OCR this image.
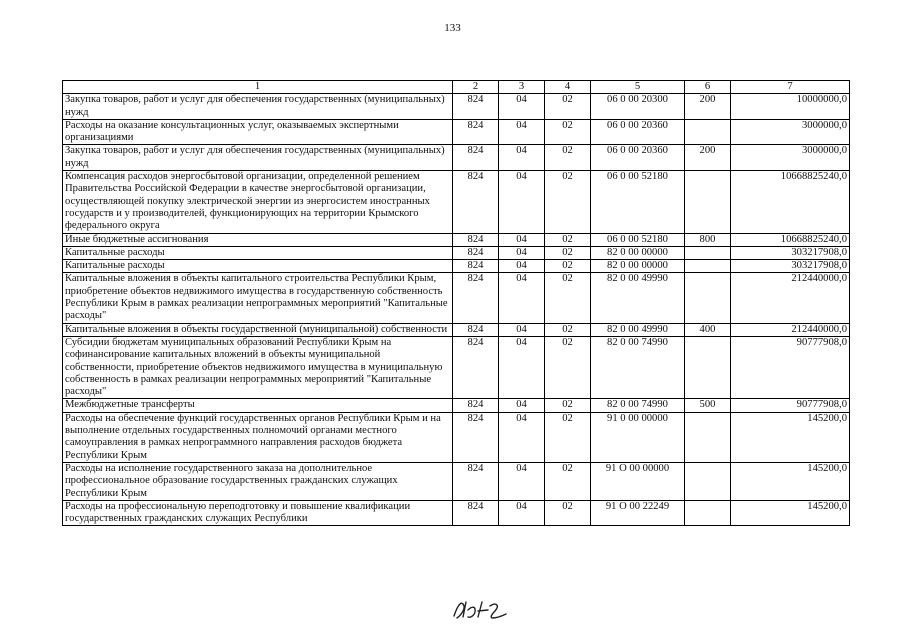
133
1	2	3	4	5	6	7
Закупка товаров, работ и услуг для обеспечения государственных (муниципальных) нужд	824	04	02	06 0 00 20300	200	10000000,0
Расходы на оказание консультационных услуг, оказываемых экспертными организациями	824	04	02	06 0 00 20360		3000000,0
Закупка товаров, работ и услуг для обеспечения государственных (муниципальных) нужд	824	04	02	06 0 00 20360	200	3000000,0
Компенсация расходов энергосбытовой организации, определенной решением Правительства Российской Федерации в качестве энергосбытовой организации, осуществляющей покупку электрической энергии из энергосистем иностранных государств и у производителей, функционирующих на территории Крымского федерального округа	824	04	02	06 0 00 52180		10668825240,0
Иные бюджетные ассигнования	824	04	02	06 0 00 52180	800	10668825240,0
Капитальные расходы	824	04	02	82 0 00 00000		303217908,0
Капитальные расходы	824	04	02	82 0 00 00000		303217908,0
Капитальные вложения в объекты капитального строительства Республики Крым, приобретение объектов недвижимого имущества в государственную собственность Республики Крым в рамках реализации непрограммных мероприятий "Капитальные расходы"	824	04	02	82 0 00 49990		212440000,0
Капитальные вложения в объекты государственной (муниципальной) собственности	824	04	02	82 0 00 49990	400	212440000,0
Субсидии бюджетам муниципальных образований Республики Крым на софинансирование капитальных вложений в объекты муниципальной собственности, приобретение объектов недвижимого имущества в муниципальную собственность в рамках реализации непрограммных мероприятий "Капитальные расходы"	824	04	02	82 0 00 74990		90777908,0
Межбюджетные трансферты	824	04	02	82 0 00 74990	500	90777908,0
Расходы на обеспечение функций государственных органов Республики Крым и на выполнение отдельных государственных полномочий органами местного самоуправления в рамках непрограммного направления расходов бюджета Республики Крым	824	04	02	91 0 00 00000		145200,0
Расходы на исполнение государственного заказа на дополнительное профессиональное образование государственных гражданских служащих Республики Крым	824	04	02	91 О 00 00000		145200,0
Расходы на профессиональную переподготовку и повышение квалификации государственных гражданских служащих Республики	824	04	02	91 О 00 22249		145200,0
